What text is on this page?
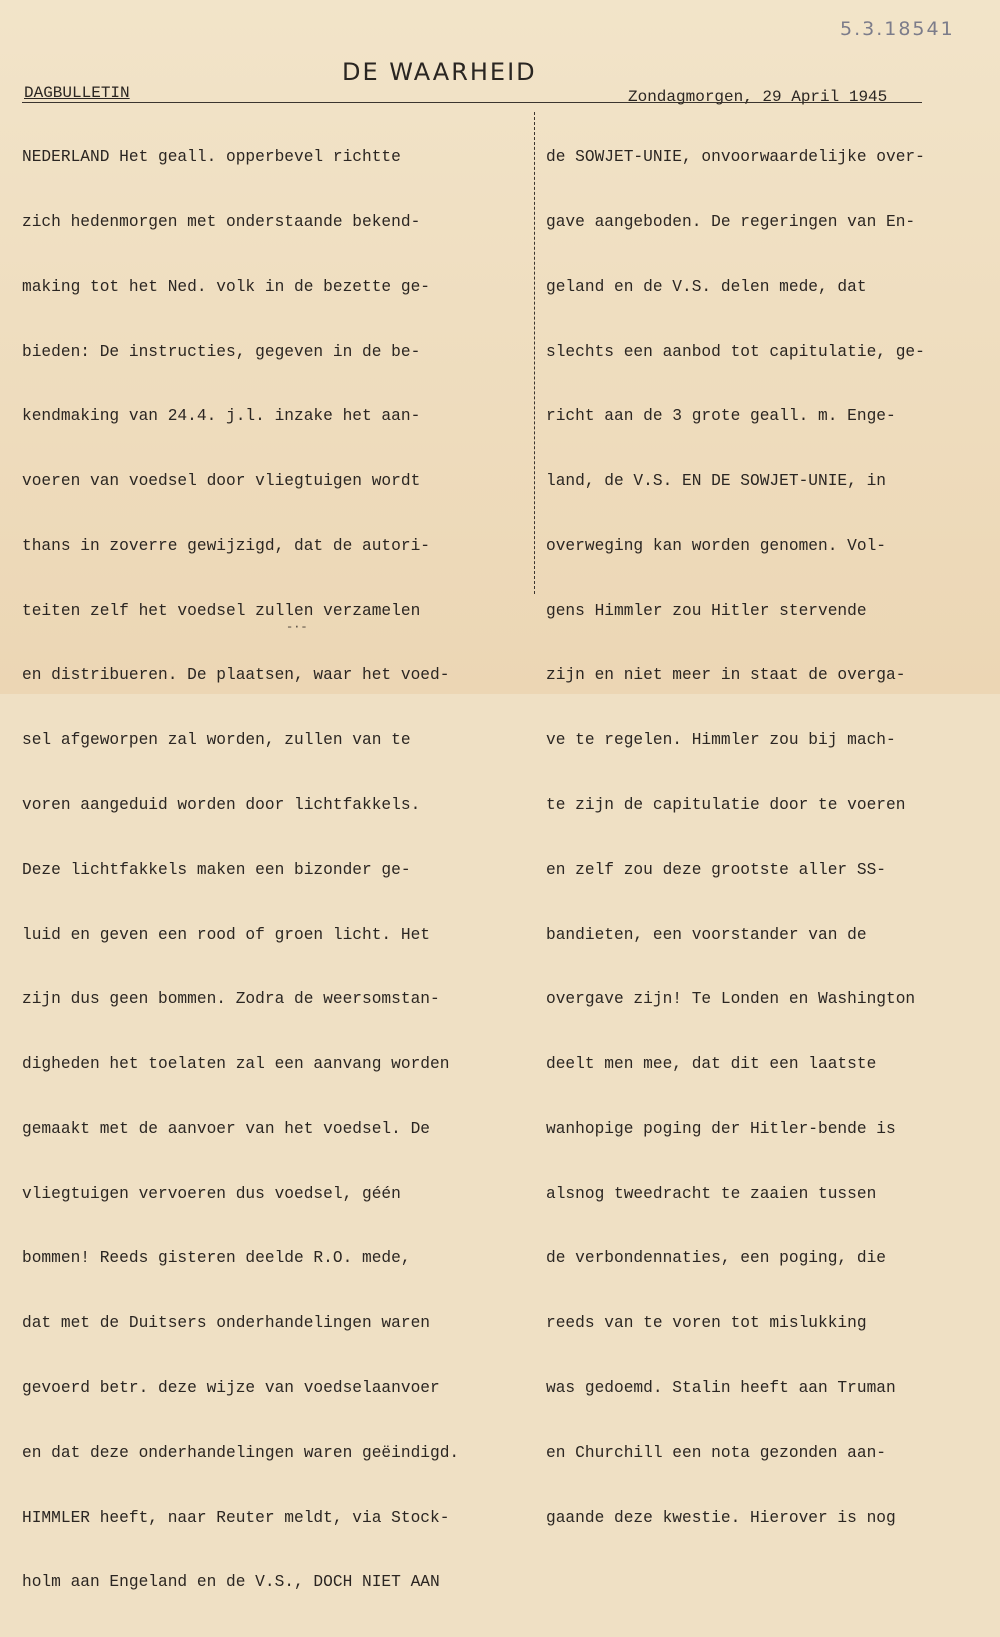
5.3.18541
DE WAARHEID
DAGBULLETIN	Zondagmorgen, 29 April 1945

NEDERLAND Het geall. opperbevel richtte

zich hedenmorgen met onderstaande bekend-

making tot het Ned. volk in de bezette ge-

bieden: De instructies, gegeven in de be-

kendmaking van 24.4. j.l. inzake het aan-

voeren van voedsel door vliegtuigen wordt

thans in zoverre gewijzigd, dat de autori-

teiten zelf het voedsel zullen verzamelen

en distribueren. De plaatsen, waar het voed-

sel afgeworpen zal worden, zullen van te

voren aangeduid worden door lichtfakkels.

Deze lichtfakkels maken een bizonder ge-

luid en geven een rood of groen licht. Het

zijn dus geen bommen. Zodra de weersomstan-

digheden het toelaten zal een aanvang worden

gemaakt met de aanvoer van het voedsel. De

vliegtuigen vervoeren dus voedsel, géén

bommen! Reeds gisteren deelde R.O. mede,

dat met de Duitsers onderhandelingen waren

gevoerd betr. deze wijze van voedselaanvoer

en dat deze onderhandelingen waren geëindigd.

HIMMLER heeft, naar Reuter meldt, via Stock-

holm aan Engeland en de V.S., DOCH NIET AAN

de SOWJET-UNIE, onvoorwaardelijke over-

gave aangeboden. De regeringen van En-

geland en de V.S. delen mede, dat

slechts een aanbod tot capitulatie, ge-

richt aan de 3 grote geall. m. Enge-

land, de V.S. EN DE SOWJET-UNIE, in

overweging kan worden genomen. Vol-

gens Himmler zou Hitler stervende

zijn en niet meer in staat de overga-

ve te regelen. Himmler zou bij mach-

te zijn de capitulatie door te voeren

en zelf zou deze grootste aller SS-

bandieten, een voorstander van de

overgave zijn! Te Londen en Washington

deelt men mee, dat dit een laatste

wanhopige poging der Hitler-bende is

alsnog tweedracht te zaaien tussen

de verbondennaties, een poging, die

reeds van te voren tot mislukking

was gedoemd. Stalin heeft aan Truman

en Churchill een nota gezonden aan-

gaande deze kwestie. Hierover is nog

-·-
